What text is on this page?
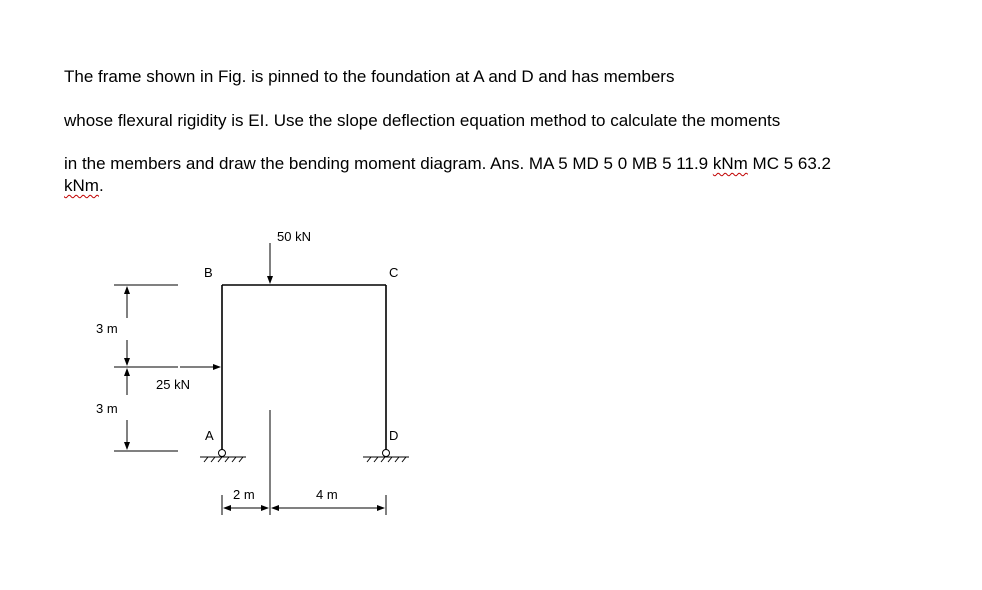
The frame shown in Fig. is pinned to the foundation at A and D and has members
whose flexural rigidity is EI. Use the slope deflection equation method to calculate the moments
in the members and draw the bending moment diagram. Ans. MA 5 MD 5 0 MB 5 11.9 kNm MC 5 63.2
kNm.
50 kN
25 kN
B	C
A	D
3 m
3 m
2 m	4 m
